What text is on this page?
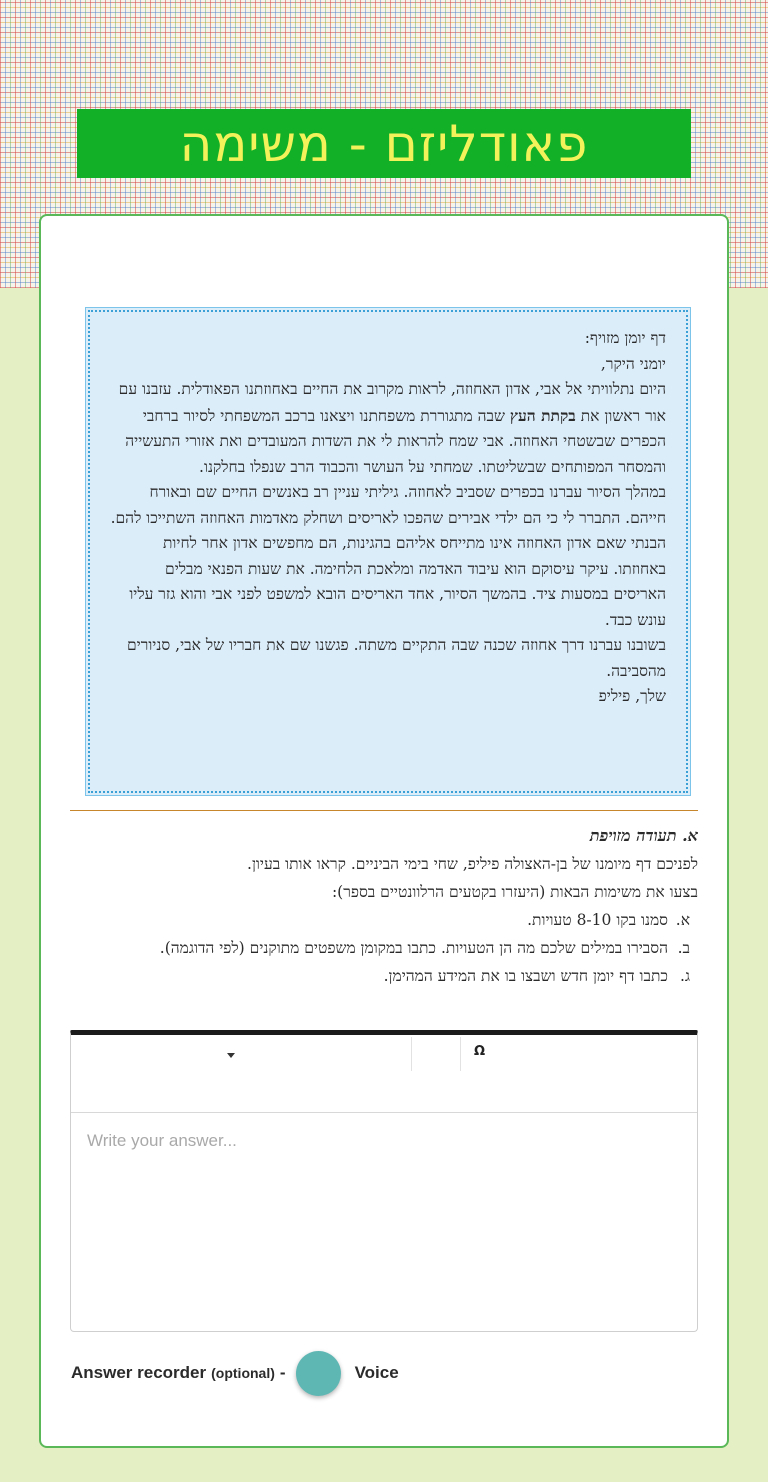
פאודליזם - משימה

דף יומן מזויף:

יומני היקר,

היום נתלוויתי אל אבי, אדון האחוזה, לראות מקרוב את החיים באחוזתנו הפאודלית. עזבנו עם אור ראשון את בקתת העץ שבה מתגוררת משפחתנו ויצאנו ברכב המשפחתי לסיור ברחבי הכפרים שבשטחי האחוזה. אבי שמח להראות לי את השדות המעובדים ואת אזורי התעשייה והמסחר המפותחים שבשליטתו. שמחתי על העושר והכבוד הרב שנפלו בחלקנו.

במהלך הסיור עברנו בכפרים שסביב לאחוזה. גיליתי עניין רב באנשים החיים שם ובאורח חייהם. התברר לי כי הם ילדי אבירים שהפכו לאריסים ושחלק מאדמות האחוזה השתייכו להם. הבנתי שאם אדון האחוזה אינו מתייחס אליהם בהגינות, הם מחפשים אדון אחר לחיות באחוזתו. עיקר עיסוקם הוא עיבוד האדמה ומלאכת הלחימה. את שעות הפנאי מבלים האריסים במסעות ציד. בהמשך הסיור, אחד האריסים הובא למשפט לפני אבי והוא גזר עליו עונש כבד.

בשובנו עברנו דרך אחוזה שכנה שבה התקיים משתה. פגשנו שם את חבריו של אבי, סניורים מהסביבה.

שלך, פיליפ

א. תעודה מזויפת

לפניכם דף מיומנו של בן-האצולה פיליפ, שחי בימי הביניים. קראו אותו בעיון.

בצעו את משימות הבאות (היעזרו בקטעים הרלוונטיים בספר):

א.
סמנו בקו 8-10 טעויות.
ב.
הסבירו במילים שלכם מה הן הטעויות. כתבו במקומן משפטים מתוקנים (לפי הדוגמה).
ג.
כתבו דף יומן חדש ושבצו בו את המידע המהימן.
Ω
Write your answer...
Answer recorder (optional) -	Voice
